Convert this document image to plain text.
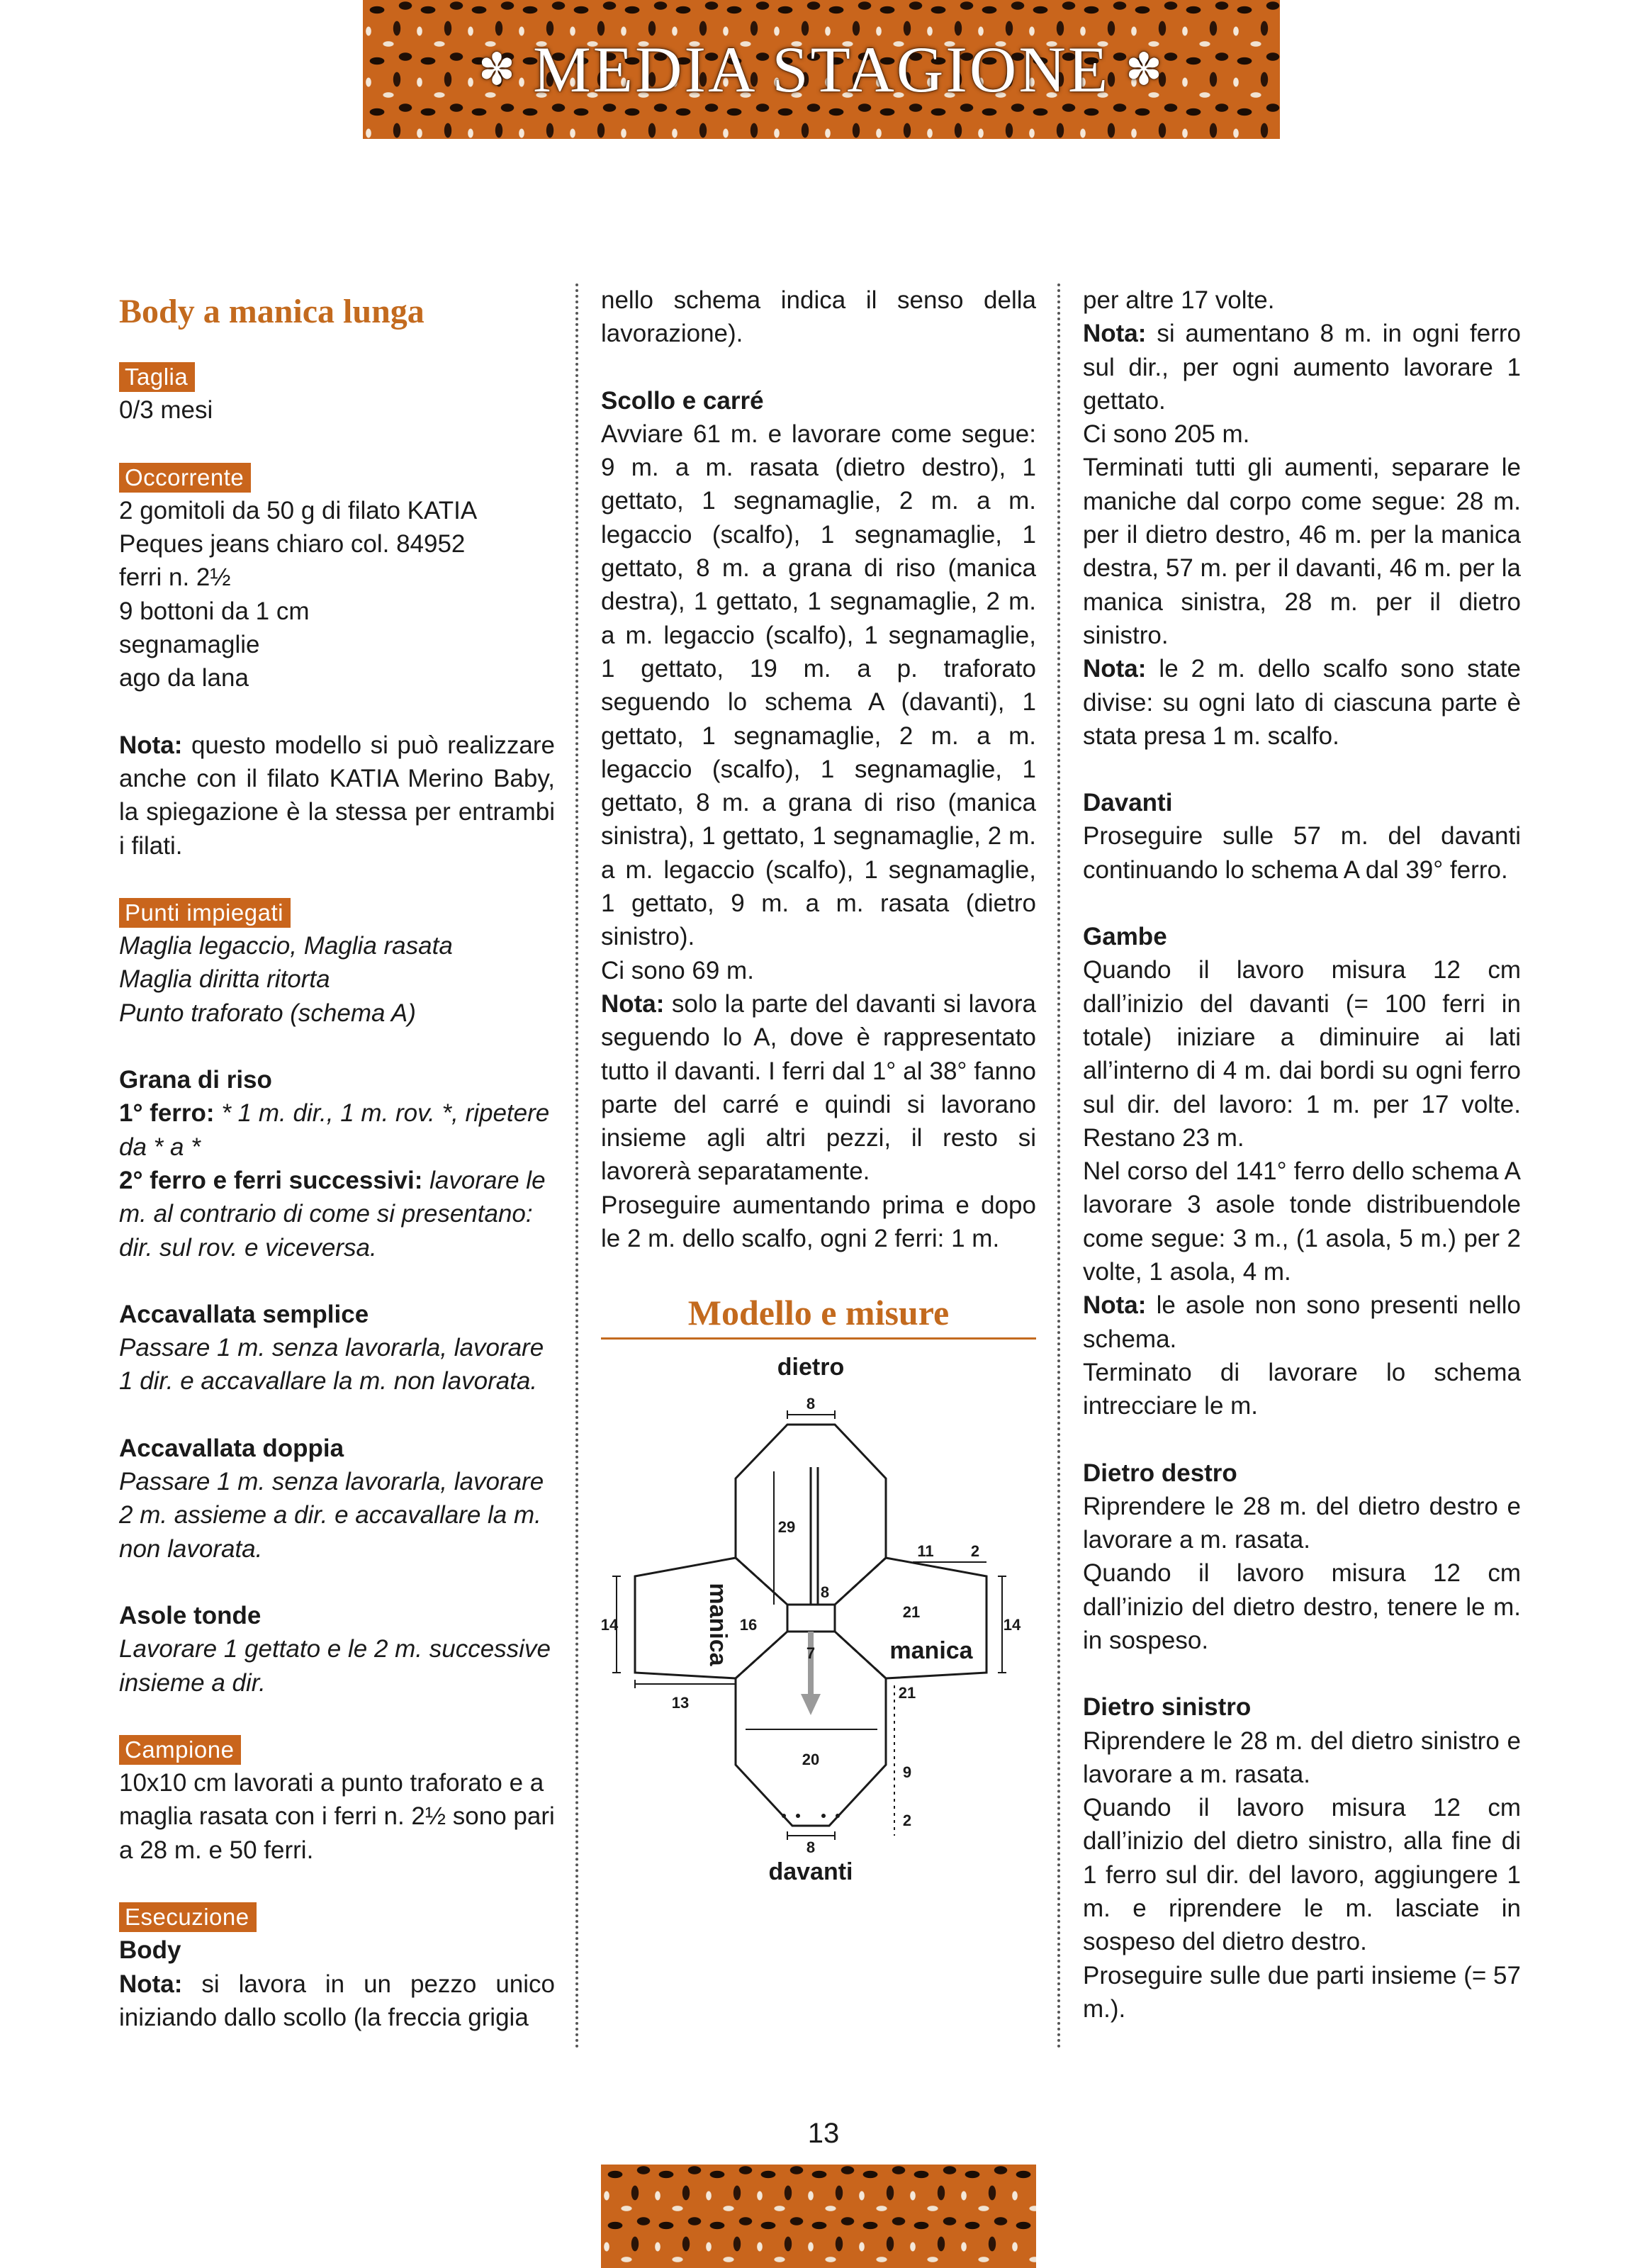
✽ MEDIA STAGIONE ✽
Body a manica lunga
Taglia

0/3 mesi

Occorrente

2 gomitoli da 50 g di filato KATIA

Peques jeans chiaro col. 84952

ferri n. 2½

9 bottoni da 1 cm

segnamaglie

ago da lana

Nota: questo modello si può realizzare anche con il filato KATIA Merino Baby, la spiegazione è la stessa per entrambi i filati.

Punti impiegati

Maglia legaccio, Maglia rasata

Maglia diritta ritorta

Punto traforato (schema A)

Grana di riso

1° ferro: * 1 m. dir., 1 m. rov. *, ripetere da * a *

2° ferro e ferri successivi: lavorare le m. al contrario di come si presentano: dir. sul rov. e viceversa.

Accavallata semplice

Passare 1 m. senza lavorarla, lavorare 1 dir. e accavallare la m. non lavorata.

Accavallata doppia

Passare 1 m. senza lavorarla, lavorare 2 m. assieme a dir. e accavallare la m. non lavorata.

Asole tonde

Lavorare 1 gettato e le 2 m. successive insieme a dir.

Campione

10x10 cm lavorati a punto traforato e a maglia rasata con i ferri n. 2½ sono pari a 28 m. e 50 ferri.

Esecuzione

Body

Nota: si lavora in un pezzo unico iniziando dallo scollo (la freccia grigia

nello schema indica il senso della lavorazione).

Scollo e carré

Avviare 61 m. e lavorare come segue: 9 m. a m. rasata (dietro destro), 1 gettato, 1 segnamaglie, 2 m. a m. legaccio (scalfo), 1 segnamaglie, 1 gettato, 8 m. a grana di riso (manica destra), 1 gettato, 1 segnamaglie, 2 m. a m. legaccio (scalfo), 1 segnamaglie, 1 gettato, 19 m. a p. traforato seguendo lo schema A (davanti), 1 gettato, 1 segnamaglie, 2 m. a m. legaccio (scalfo), 1 segnamaglie, 1 gettato, 8 m. a grana di riso (manica sinistra), 1 gettato, 1 segnamaglie, 2 m. a m. legaccio (scalfo), 1 segnamaglie, 1 gettato, 9 m. a m. rasata (dietro sinistro).

Ci sono 69 m.

Nota: solo la parte del davanti si lavora seguendo lo A, dove è rappresentato tutto il davanti. I ferri dal 1° al 38° fanno parte del carré e quindi si lavorano insieme agli altri pezzi, il resto si lavorerà separatamente.

Proseguire aumentando prima e dopo le 2 m. dello scalfo, ogni 2 ferri: 1 m.

Modello e misure
dietro
8
29
8
16
7
14
13
11 2
21
14
21
20
9
2
8
manica	manica
davanti

per altre 17 volte.

Nota: si aumentano 8 m. in ogni ferro sul dir., per ogni aumento lavorare 1 gettato.

Ci sono 205 m.

Terminati tutti gli aumenti, separare le maniche dal corpo come segue: 28 m. per il dietro destro, 46 m. per la manica destra, 57 m. per il davanti, 46 m. per la manica sinistra, 28 m. per il dietro sinistro.

Nota: le 2 m. dello scalfo sono state divise: su ogni lato di ciascuna parte è stata presa 1 m. scalfo.

Davanti

Proseguire sulle 57 m. del davanti continuando lo schema A dal 39° ferro.

Gambe

Quando il lavoro misura 12 cm dall’inizio del davanti (= 100 ferri in totale) iniziare a diminuire ai lati all’interno di 4 m. dai bordi su ogni ferro sul dir. del lavoro: 1 m. per 17 volte. Restano 23 m.

Nel corso del 141° ferro dello schema A lavorare 3 asole tonde distribuendole come segue: 3 m., (1 asola, 5 m.) per 2 volte, 1 asola, 4 m.

Nota: le asole non sono presenti nello schema.

Terminato di lavorare lo schema intrecciare le m.

Dietro destro

Riprendere le 28 m. del dietro destro e lavorare a m. rasata.

Quando il lavoro misura 12 cm dall’inizio del dietro destro, tenere le m. in sospeso.

Dietro sinistro

Riprendere le 28 m. del dietro sinistro e lavorare a m. rasata.

Quando il lavoro misura 12 cm dall’inizio del dietro sinistro, alla fine di 1 ferro sul dir. del lavoro, aggiungere 1 m. e riprendere le m. lasciate in sospeso del dietro destro.

Proseguire sulle due parti insieme (= 57 m.).

13
